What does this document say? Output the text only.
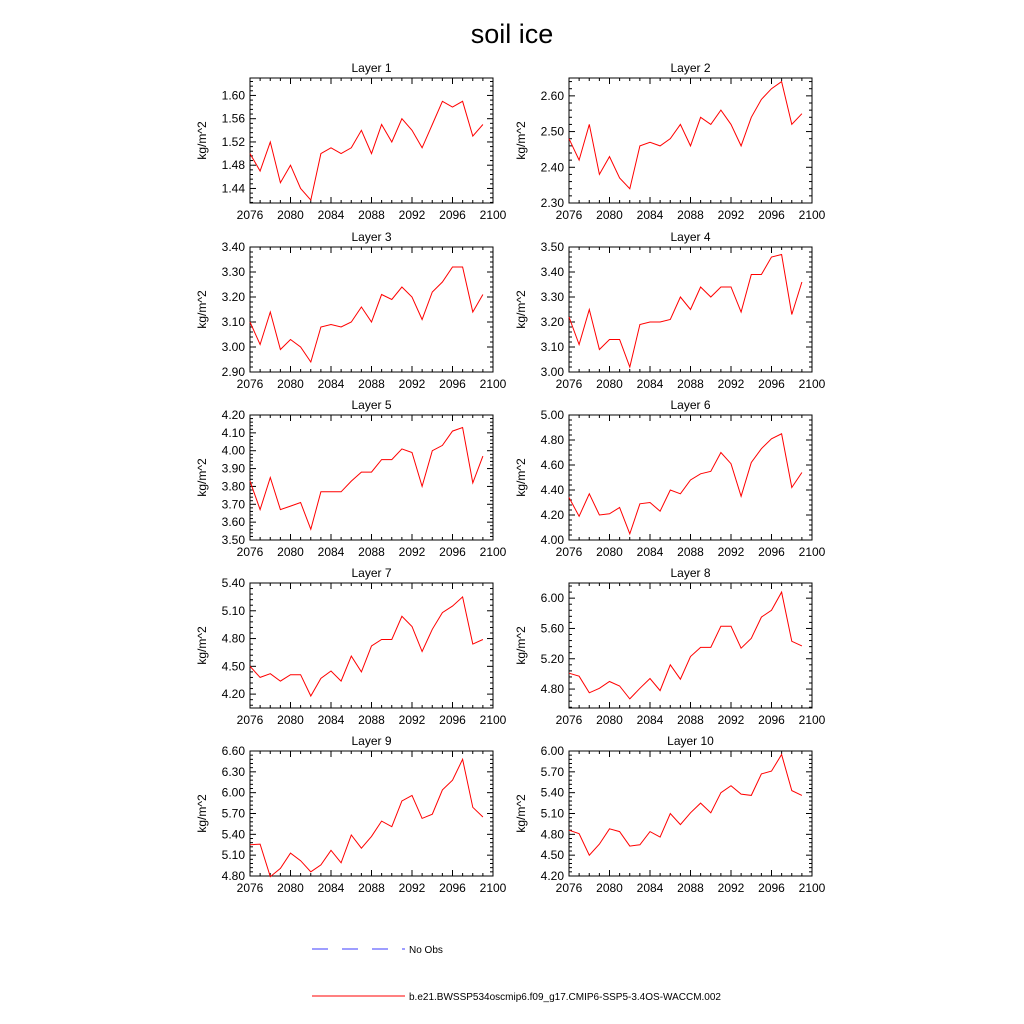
soil ice
Layer 1
kg/m^2
2076 2080 2084 2088 2092 2096 2100
1.44
1.48
1.52
1.56
1.60
Layer 2
kg/m^2
2076 2080 2084 2088 2092 2096 2100
2.30
2.40
2.50
2.60
Layer 3
kg/m^2
2076 2080 2084 2088 2092 2096 2100
2.90
3.00
3.10
3.20
3.30
3.40
Layer 4
kg/m^2
2076 2080 2084 2088 2092 2096 2100
3.00
3.10
3.20
3.30
3.40
3.50
Layer 5
kg/m^2
2076 2080 2084 2088 2092 2096 2100
3.50
3.60
3.70
3.80
3.90
4.00
4.10
4.20
Layer 6
kg/m^2
2076 2080 2084 2088 2092 2096 2100
4.00
4.20
4.40
4.60
4.80
5.00
Layer 7
kg/m^2
2076 2080 2084 2088 2092 2096 2100
4.20
4.50
4.80
5.10
5.40
Layer 8
kg/m^2
2076 2080 2084 2088 2092 2096 2100
4.80
5.20
5.60
6.00
Layer 9
kg/m^2
2076 2080 2084 2088 2092 2096 2100
4.80
5.10
5.40
5.70
6.00
6.30
6.60
Layer 10
kg/m^2
2076 2080 2084 2088 2092 2096 2100
4.20
4.50
4.80
5.10
5.40
5.70
6.00
No Obs
b.e21.BWSSP534oscmip6.f09_g17.CMIP6-SSP5-3.4OS-WACCM.002
